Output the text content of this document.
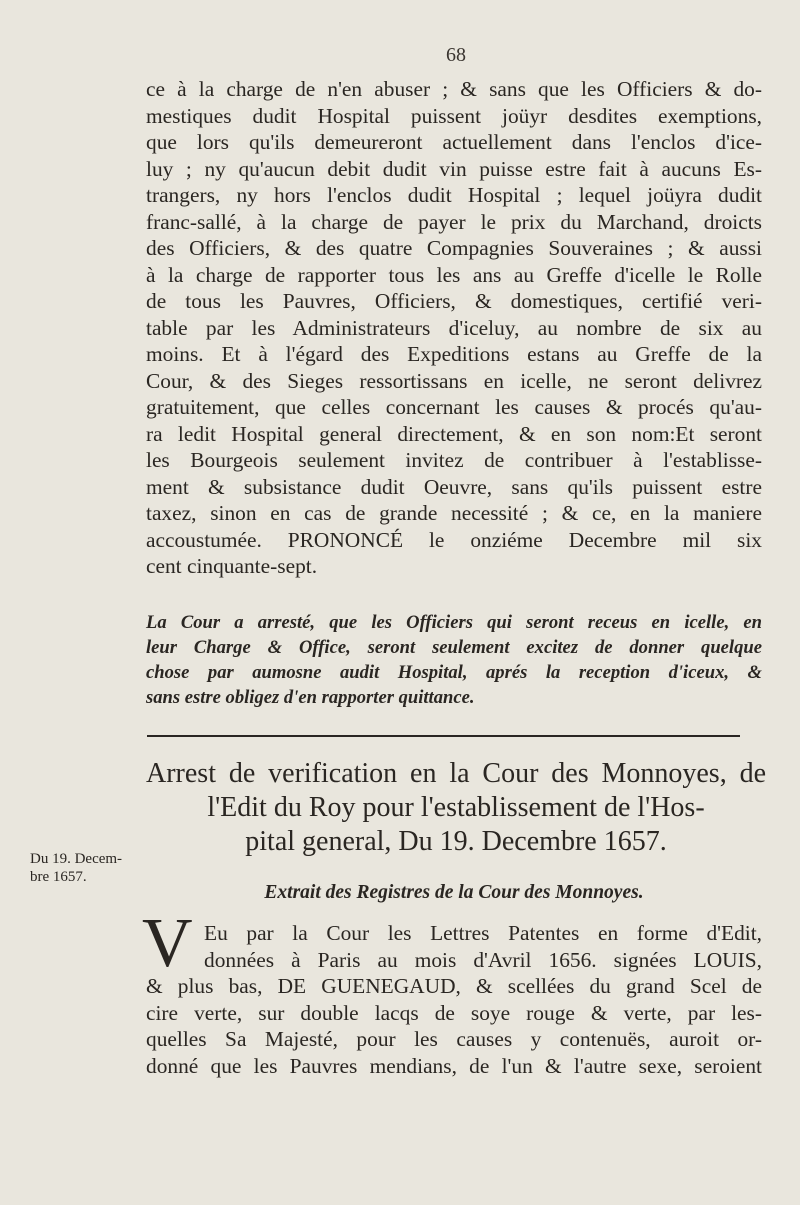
68
ce à la charge de n'en abuser ; & sans que les Officiers & do-
mestiques dudit Hospital puissent joüyr desdites exemptions,
que lors qu'ils demeureront actuellement dans l'enclos d'ice-
luy ; ny qu'aucun debit dudit vin puisse estre fait à aucuns Es-
trangers, ny hors l'enclos dudit Hospital ; lequel joüyra dudit
franc-sallé, à la charge de payer le prix du Marchand, droicts
des Officiers, & des quatre Compagnies Souveraines ; & aussi
à la charge de rapporter tous les ans au Greffe d'icelle le Rolle
de tous les Pauvres, Officiers, & domestiques, certifié veri-
table par les Administrateurs d'iceluy, au nombre de six au
moins. Et à l'égard des Expeditions estans au Greffe de la
Cour, & des Sieges ressortissans en icelle, ne seront delivrez
gratuitement, que celles concernant les causes & procés qu'au-
ra ledit Hospital general directement, & en son nom:Et seront
les Bourgeois seulement invitez de contribuer à l'establisse-
ment & subsistance dudit Oeuvre, sans qu'ils puissent estre
taxez, sinon en cas de grande necessité ; & ce, en la maniere
accoustumée. PRONONCÉ le onziéme Decembre mil six
cent cinquante-sept.
La Cour a arresté, que les Officiers qui seront receus en icelle, en
leur Charge & Office, seront seulement excitez de donner quelque
chose par aumosne audit Hospital, aprés la reception d'iceux, &
sans estre obligez d'en rapporter quittance.
Arrest de verification en la Cour des Monnoyes, de
l'Edit du Roy pour l'establissement de l'Hos-
pital general, Du 19. Decembre 1657.
Du 19. Decem- bre 1657.
Extrait des Registres de la Cour des Monnoyes.
V Eu par la Cour les Lettres Patentes en forme d'Edit,
données à Paris au mois d'Avril 1656. signées LOUIS,
& plus bas, DE GUENEGAUD, & scellées du grand Scel de
cire verte, sur double lacqs de soye rouge & verte, par les-
quelles Sa Majesté, pour les causes y contenuës, auroit or-
donné que les Pauvres mendians, de l'un & l'autre sexe, seroient
